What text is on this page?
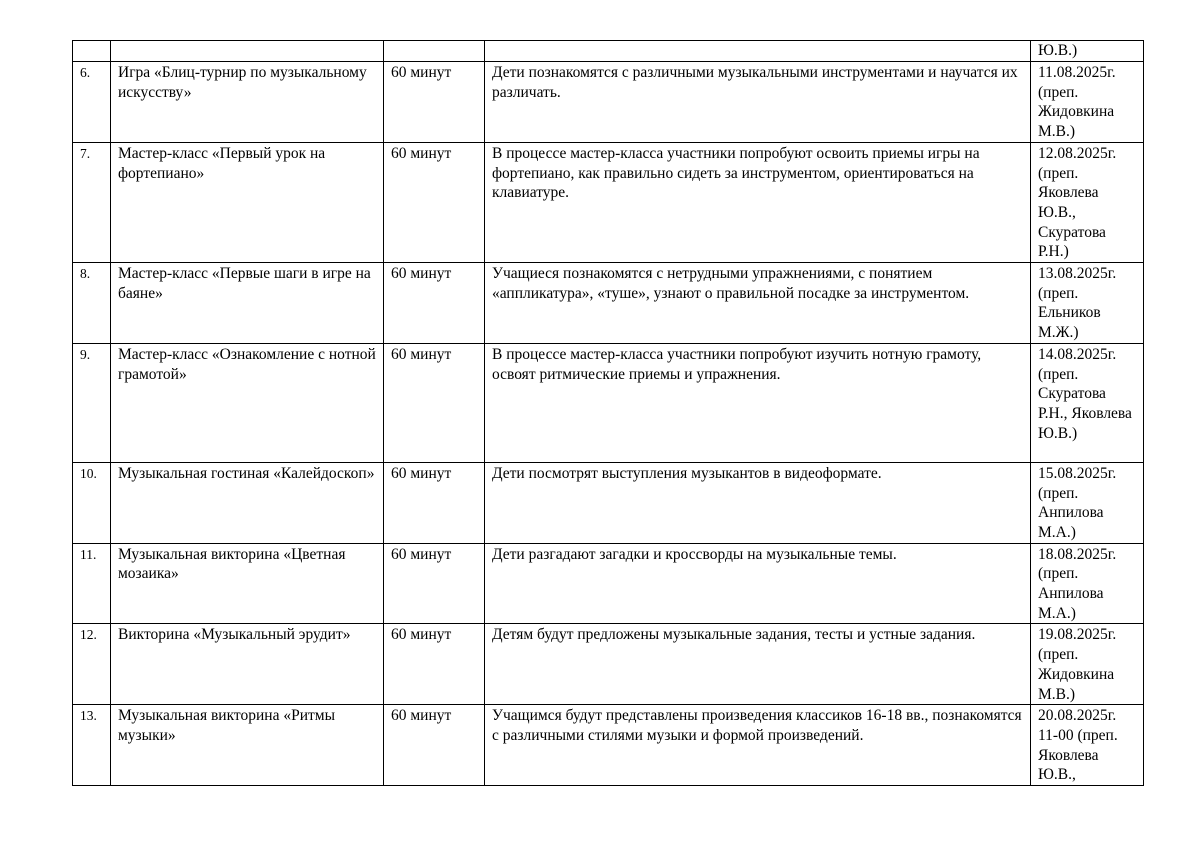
				Ю.В.)
6.	Игра «Блиц-турнир по музыкальному искусству»	60 минут	Дети познакомятся с различными музыкальными инструментами и научатся их различать.	11.08.2025г. (преп. Жидовкина М.В.)
7.	Мастер-класс «Первый урок на фортепиано»	60 минут	В процессе мастер-класса участники попробуют освоить приемы игры на фортепиано, как правильно сидеть за инструментом, ориентироваться на клавиатуре.	12.08.2025г. (преп. Яковлева Ю.В., Скуратова Р.Н.)
8.	Мастер-класс «Первые шаги в игре на баяне»	60 минут	Учащиеся познакомятся с нетрудными упражнениями, с понятием «аппликатура», «туше», узнают о правильной посадке за инструментом.	13.08.2025г. (преп. Ельников М.Ж.)
9.	Мастер-класс «Ознакомление с нотной грамотой»	60 минут	В процессе мастер-класса участники попробуют изучить нотную грамоту, освоят ритмические приемы и упражнения.	14.08.2025г. (преп. Скуратова Р.Н., Яковлева Ю.В.)
10.	Музыкальная гостиная «Калейдоскоп»	60 минут	Дети посмотрят выступления музыкантов в видеоформате.	15.08.2025г. (преп. Анпилова М.А.)
11.	Музыкальная викторина «Цветная мозаика»	60 минут	Дети разгадают загадки и кроссворды на музыкальные темы.	18.08.2025г. (преп. Анпилова М.А.)
12.	Викторина «Музыкальный эрудит»	60 минут	Детям будут предложены музыкальные задания, тесты и устные задания.	19.08.2025г. (преп. Жидовкина М.В.)
13.	Музыкальная викторина «Ритмы музыки»	60 минут	Учащимся будут представлены произведения классиков 16-18 вв., познакомятся с различными стилями музыки и формой произведений.	20.08.2025г. 11-00 (преп. Яковлева Ю.В.,
